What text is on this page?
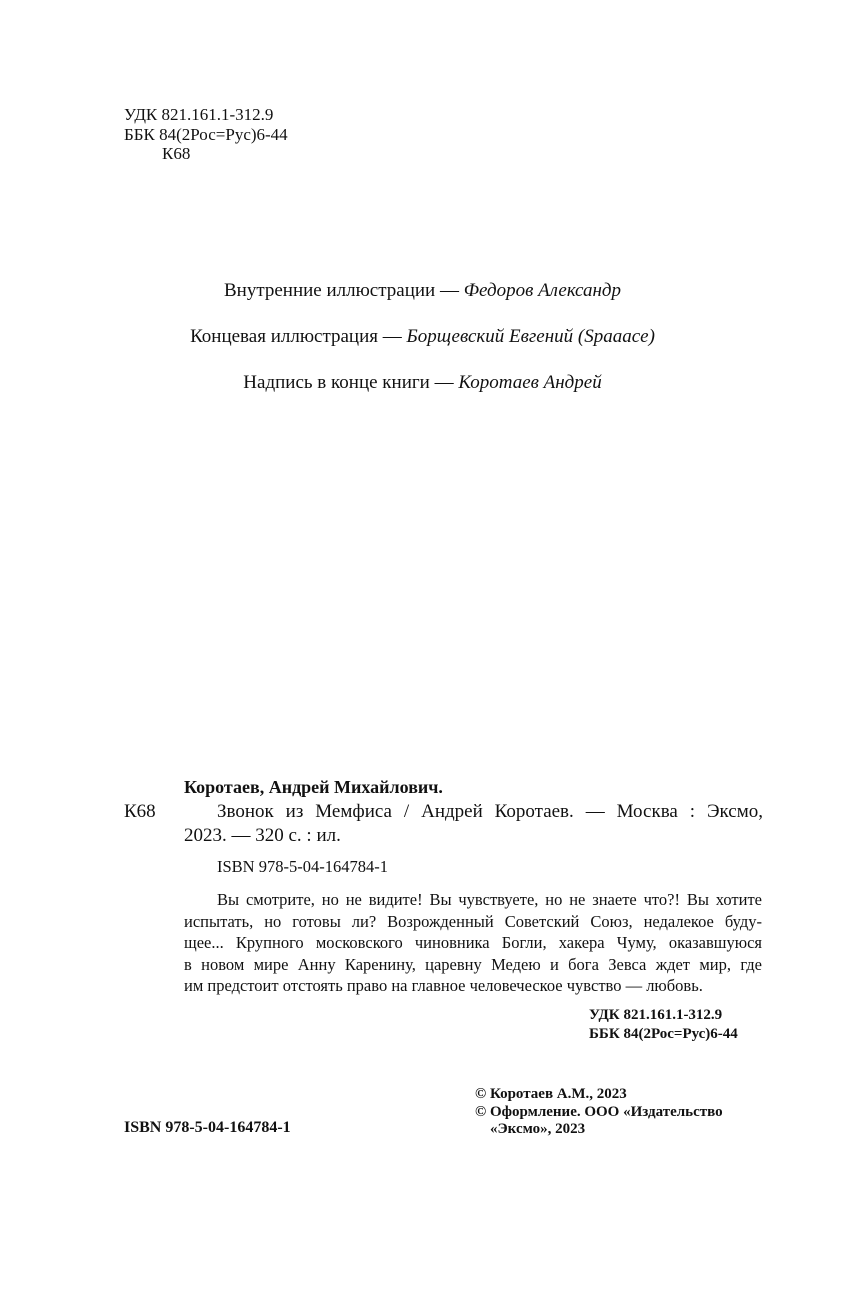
УДК 821.161.1-312.9
ББК 84(2Рос=Рус)6-44
К68
Внутренние иллюстрации — Федоров Александр
Концевая иллюстрация — Борщевский Евгений (Spaaace)
Надпись в конце книги — Коротаев Андрей
Коротаев, Андрей Михайлович.
К68	Звонок из Мемфиса / Андрей Коротаев. — Москва : Эксмо,
2023. — 320 с. : ил.
ISBN 978-5-04-164784-1
Вы смотрите, но не видите! Вы чувствуете, но не знаете что?! Вы хотите
испытать, но готовы ли? Возрожденный Советский Союз, недалекое буду-
щее... Крупного московского чиновника Богли, хакера Чуму, оказавшуюся
в новом мире Анну Каренину, царевну Медею и бога Зевса ждет мир, где
им предстоит отстоять право на главное человеческое чувство — любовь.
УДК 821.161.1-312.9
ББК 84(2Рос=Рус)6-44
ISBN 978-5-04-164784-1
© Коротаев А.М., 2023
© Оформление. ООО «Издательство
«Эксмо», 2023
